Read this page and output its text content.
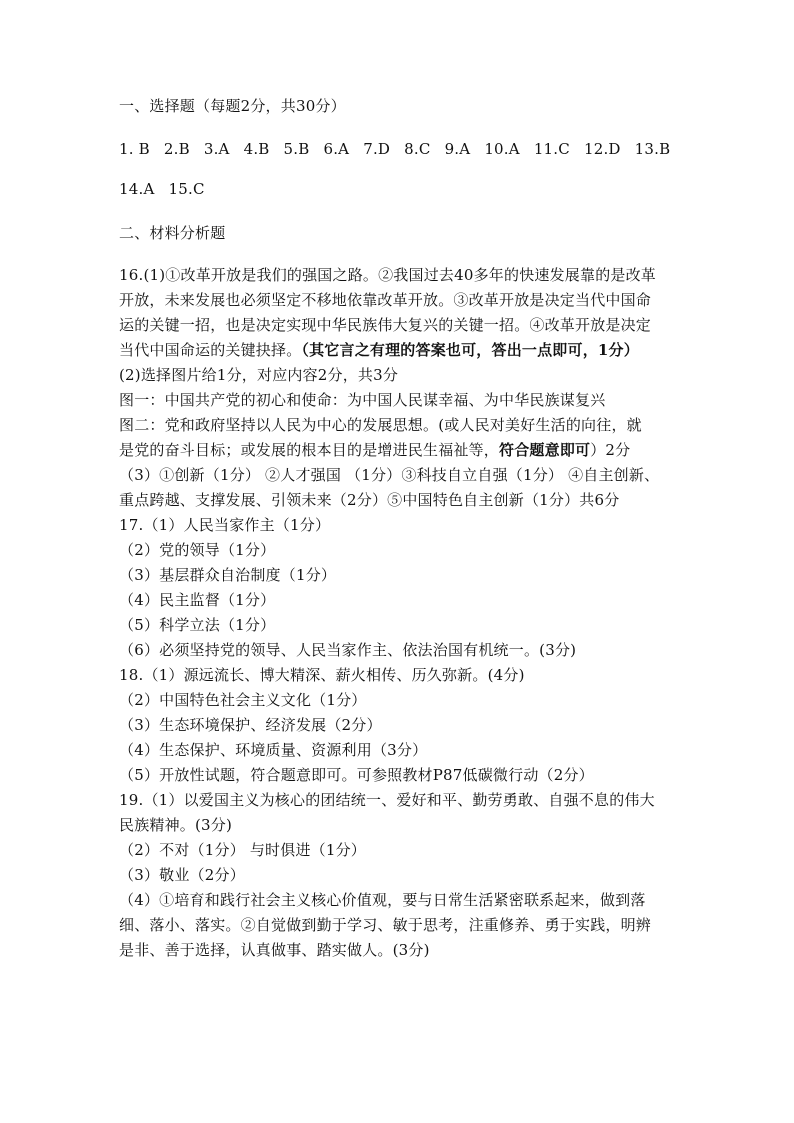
一、选择题（每题2分，共30分）
1. B 2.B 3.A 4.B 5.B 6.A 7.D 8.C 9.A 10.A 11.C 12.D 13.B
14.A 15.C
二、材料分析题
16.(1)①改革开放是我们的强国之路。②我国过去40多年的快速发展靠的是改革
开放，未来发展也必须坚定不移地依靠改革开放。③改革开放是决定当代中国命
运的关键一招，也是决定实现中华民族伟大复兴的关键一招。④改革开放是决定
当代中国命运的关键抉择。（其它言之有理的答案也可，答出一点即可，1分）
(2)选择图片给1分，对应内容2分，共3分
图一：中国共产党的初心和使命：为中国人民谋幸福、为中华民族谋复兴
图二：党和政府坚持以人民为中心的发展思想。(或人民对美好生活的向往，就
是党的奋斗目标；或发展的根本目的是增进民生福祉等，符合题意即可）2分
（3）①创新（1分） ②人才强国 （1分）③科技自立自强（1分） ④自主创新、
重点跨越、支撑发展、引领未来（2分）⑤中国特色自主创新（1分）共6分
17.（1）人民当家作主（1分）
（2）党的领导（1分）
（3）基层群众自治制度（1分）
（4）民主监督（1分）
（5）科学立法（1分）
（6）必须坚持党的领导、人民当家作主、依法治国有机统一。(3分)
18.（1）源远流长、博大精深、薪火相传、历久弥新。(4分)
（2）中国特色社会主义文化（1分）
（3）生态环境保护、经济发展（2分）
（4）生态保护、环境质量、资源利用（3分）
（5）开放性试题，符合题意即可。可参照教材P87低碳微行动（2分）
19.（1）以爱国主义为核心的团结统一、爱好和平、勤劳勇敢、自强不息的伟大
民族精神。(3分)
（2）不对（1分） 与时俱进（1分）
（3）敬业（2分）
（4）①培育和践行社会主义核心价值观，要与日常生活紧密联系起来，做到落
细、落小、落实。②自觉做到勤于学习、敏于思考，注重修养、勇于实践，明辨
是非、善于选择，认真做事、踏实做人。(3分)
